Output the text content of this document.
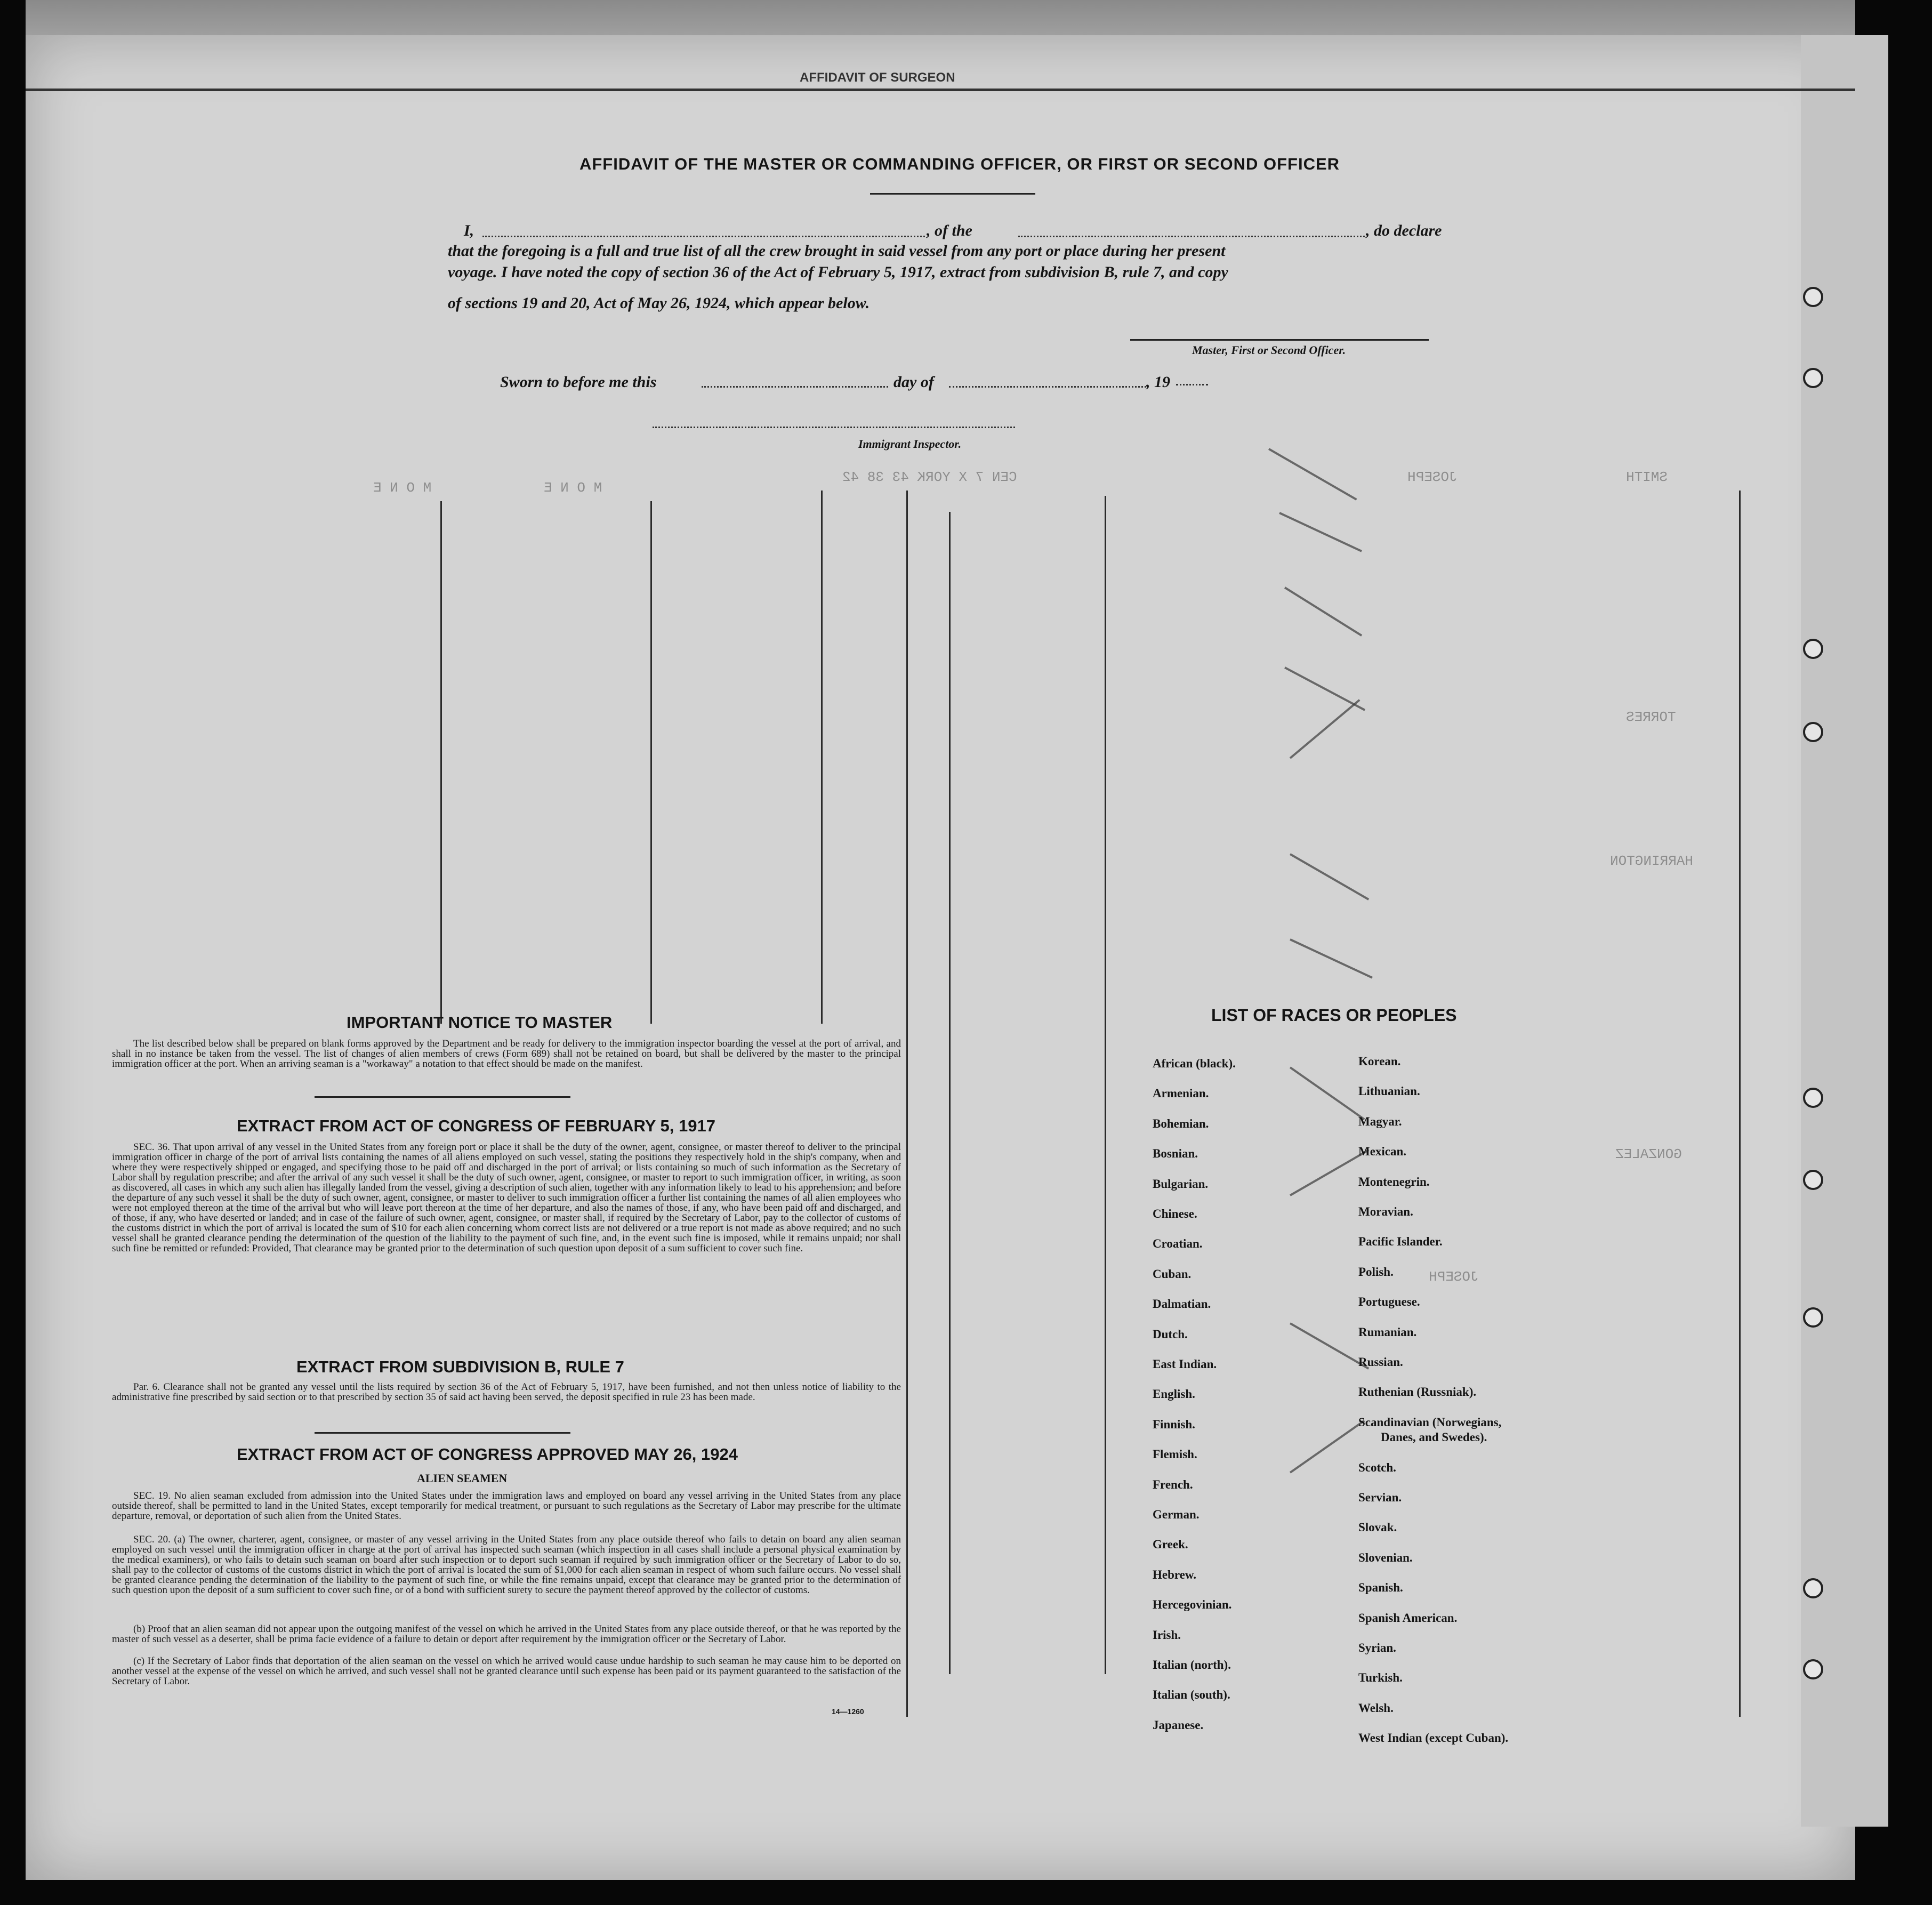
AFFIDAVIT OF SURGEON
CEN 7 X YORK 43 38 42
M O N E
M O N E
JOSEPH	SMITH
TORRES
HARRINGTON
GONZALEZ
JOSEPH
AFFIDAVIT OF THE MASTER OR COMMANDING OFFICER, OR FIRST OR SECOND OFFICER
I,	, of the	, do declare
that the foregoing is a full and true list of all the crew brought in said vessel from any port or place during her present
voyage. I have noted the copy of section 36 of the Act of February 5, 1917, extract from subdivision B, rule 7, and copy
of sections 19 and 20, Act of May 26, 1924, which appear below.
Master, First or Second Officer.
Sworn to before me this	day of	, 19
Immigrant Inspector.
IMPORTANT NOTICE TO MASTER
The list described below shall be prepared on blank forms approved by the Department and be ready for delivery to the immigration inspector boarding the vessel at the port of arrival, and shall in no instance be taken from the vessel. The list of changes of alien members of crews (Form 689) shall not be retained on board, but shall be delivered by the master to the principal immigration officer at the port. When an arriving seaman is a "workaway" a notation to that effect should be made on the manifest.
EXTRACT FROM ACT OF CONGRESS OF FEBRUARY 5, 1917
SEC. 36. That upon arrival of any vessel in the United States from any foreign port or place it shall be the duty of the owner, agent, consignee, or master thereof to deliver to the principal immigration officer in charge of the port of arrival lists containing the names of all aliens employed on such vessel, stating the positions they respectively hold in the ship's company, when and where they were respectively shipped or engaged, and specifying those to be paid off and discharged in the port of arrival; or lists containing so much of such information as the Secretary of Labor shall by regulation prescribe; and after the arrival of any such vessel it shall be the duty of such owner, agent, consignee, or master to report to such immigration officer, in writing, as soon as discovered, all cases in which any such alien has illegally landed from the vessel, giving a description of such alien, together with any information likely to lead to his apprehension; and before the departure of any such vessel it shall be the duty of such owner, agent, consignee, or master to deliver to such immigration officer a further list containing the names of all alien employees who were not employed thereon at the time of the arrival but who will leave port thereon at the time of her departure, and also the names of those, if any, who have been paid off and discharged, and of those, if any, who have deserted or landed; and in case of the failure of such owner, agent, consignee, or master shall, if required by the Secretary of Labor, pay to the collector of customs of the customs district in which the port of arrival is located the sum of $10 for each alien concerning whom correct lists are not delivered or a true report is not made as above required; and no such vessel shall be granted clearance pending the determination of the question of the liability to the payment of such fine, and, in the event such fine is imposed, while it remains unpaid; nor shall such fine be remitted or refunded: Provided, That clearance may be granted prior to the determination of such question upon deposit of a sum sufficient to cover such fine.
EXTRACT FROM SUBDIVISION B, RULE 7
Par. 6. Clearance shall not be granted any vessel until the lists required by section 36 of the Act of February 5, 1917, have been furnished, and not then unless notice of liability to the administrative fine prescribed by said section or to that prescribed by section 35 of said act having been served, the deposit specified in rule 23 has been made.
EXTRACT FROM ACT OF CONGRESS APPROVED MAY 26, 1924
ALIEN SEAMEN
SEC. 19. No alien seaman excluded from admission into the United States under the immigration laws and employed on board any vessel arriving in the United States from any place outside thereof, shall be permitted to land in the United States, except temporarily for medical treatment, or pursuant to such regulations as the Secretary of Labor may prescribe for the ultimate departure, removal, or deportation of such alien from the United States.
SEC. 20. (a) The owner, charterer, agent, consignee, or master of any vessel arriving in the United States from any place outside thereof who fails to detain on board any alien seaman employed on such vessel until the immigration officer in charge at the port of arrival has inspected such seaman (which inspection in all cases shall include a personal physical examination by the medical examiners), or who fails to detain such seaman on board after such inspection or to deport such seaman if required by such immigration officer or the Secretary of Labor to do so, shall pay to the collector of customs of the customs district in which the port of arrival is located the sum of $1,000 for each alien seaman in respect of whom such failure occurs. No vessel shall be granted clearance pending the determination of the liability to the payment of such fine, or while the fine remains unpaid, except that clearance may be granted prior to the determination of such question upon the deposit of a sum sufficient to cover such fine, or of a bond with sufficient surety to secure the payment thereof approved by the collector of customs.
(b) Proof that an alien seaman did not appear upon the outgoing manifest of the vessel on which he arrived in the United States from any place outside thereof, or that he was reported by the master of such vessel as a deserter, shall be prima facie evidence of a failure to detain or deport after requirement by the immigration officer or the Secretary of Labor.
(c) If the Secretary of Labor finds that deportation of the alien seaman on the vessel on which he arrived would cause undue hardship to such seaman he may cause him to be deported on another vessel at the expense of the vessel on which he arrived, and such vessel shall not be granted clearance until such expense has been paid or its payment guaranteed to the satisfaction of the Secretary of Labor.
14—1260
LIST OF RACES OR PEOPLES
African (black).
Armenian.
Bohemian.
Bosnian.
Bulgarian.
Chinese.
Croatian.
Cuban.
Dalmatian.
Dutch.
East Indian.
English.
Finnish.
Flemish.
French.
German.
Greek.
Hebrew.
Hercegovinian.
Irish.
Italian (north).
Italian (south).
Japanese.
Korean.
Lithuanian.
Magyar.
Mexican.
Montenegrin.
Moravian.
Pacific Islander.
Polish.
Portuguese.
Rumanian.
Russian.
Ruthenian (Russniak).
Scandinavian (Norwegians,
Danes, and Swedes).
Scotch.
Servian.
Slovak.
Slovenian.
Spanish.
Spanish American.
Syrian.
Turkish.
Welsh.
West Indian (except Cuban).
